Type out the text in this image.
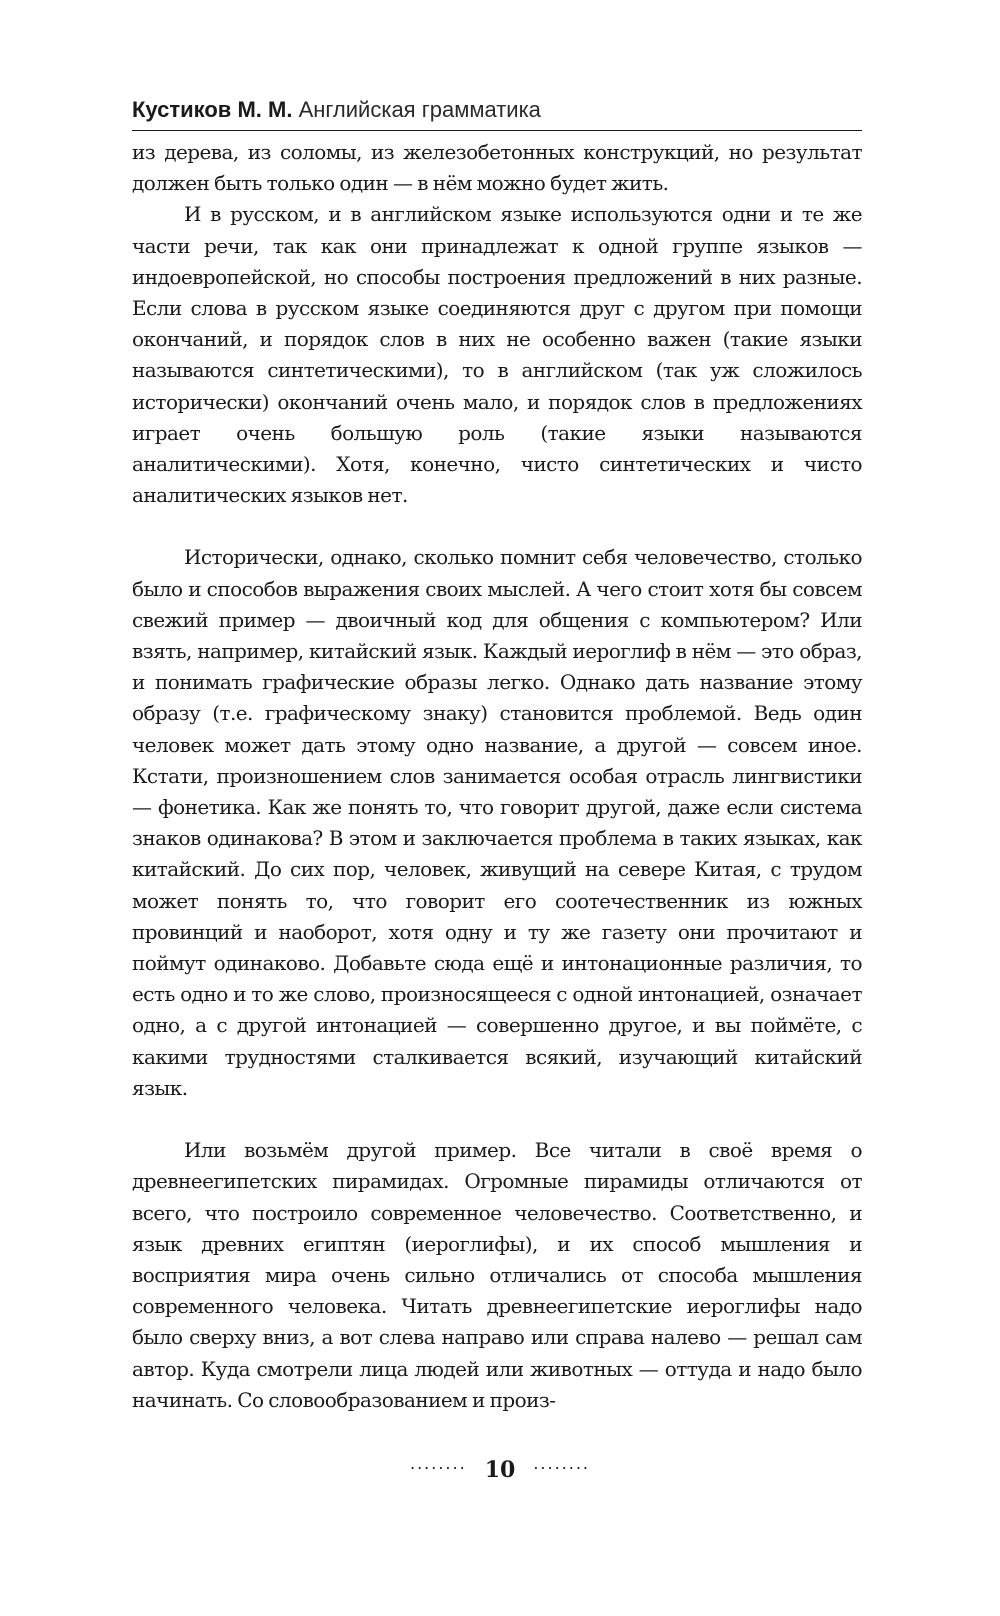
Кустиков М. М. Английская грамматика

из дерева, из соломы, из железобетонных конструкций, но результат должен быть только один — в нём можно будет жить.

И в русском, и в английском языке используются одни и те же части речи, так как они принадлежат к одной группе языков — индоевропейской, но способы построения предложений в них разные. Если слова в русском языке соединяются друг с другом при помощи окончаний, и порядок слов в них не особенно важен (такие языки называются синтетическими), то в английском (так уж сложилось исторически) окончаний очень мало, и порядок слов в предложениях играет очень большую роль (такие языки называются аналитическими). Хотя, конечно, чисто синтетических и чисто аналитических языков нет.

Исторически, однако, сколько помнит себя человечество, столько было и способов выражения своих мыслей. А чего стоит хотя бы совсем свежий пример — двоичный код для общения с компьютером? Или взять, например, китайский язык. Каждый иероглиф в нём — это образ, и понимать графические образы легко. Однако дать название этому образу (т.е. графическому знаку) становится проблемой. Ведь один человек может дать этому одно название, а другой — совсем иное. Кстати, произношением слов занимается особая отрасль лингвистики — фонетика. Как же понять то, что говорит другой, даже если система знаков одинакова? В этом и заключается проблема в таких языках, как китайский. До сих пор, человек, живущий на севере Китая, с трудом может понять то, что говорит его соотечественник из южных провинций и наоборот, хотя одну и ту же газету они прочитают и поймут одинаково. Добавьте сюда ещё и интонационные различия, то есть одно и то же слово, произносящееся с одной интонацией, означает одно, а с другой интонацией — совершенно другое, и вы поймёте, с какими трудностями сталкивается всякий, изучающий китайский язык.

Или возьмём другой пример. Все читали в своё время о древнеегипетских пирамидах. Огромные пирамиды отличаются от всего, что построило современное человечество. Соответственно, и язык древних египтян (иероглифы), и их способ мышления и восприятия мира очень сильно отличались от способа мышления современного человека. Читать древнеегипетские иероглифы надо было сверху вниз, а вот слева направо или справа налево — решал сам автор. Куда смотрели лица людей или животных — оттуда и надо было начинать. Со словообразованием и произ-

........ 10 ........
